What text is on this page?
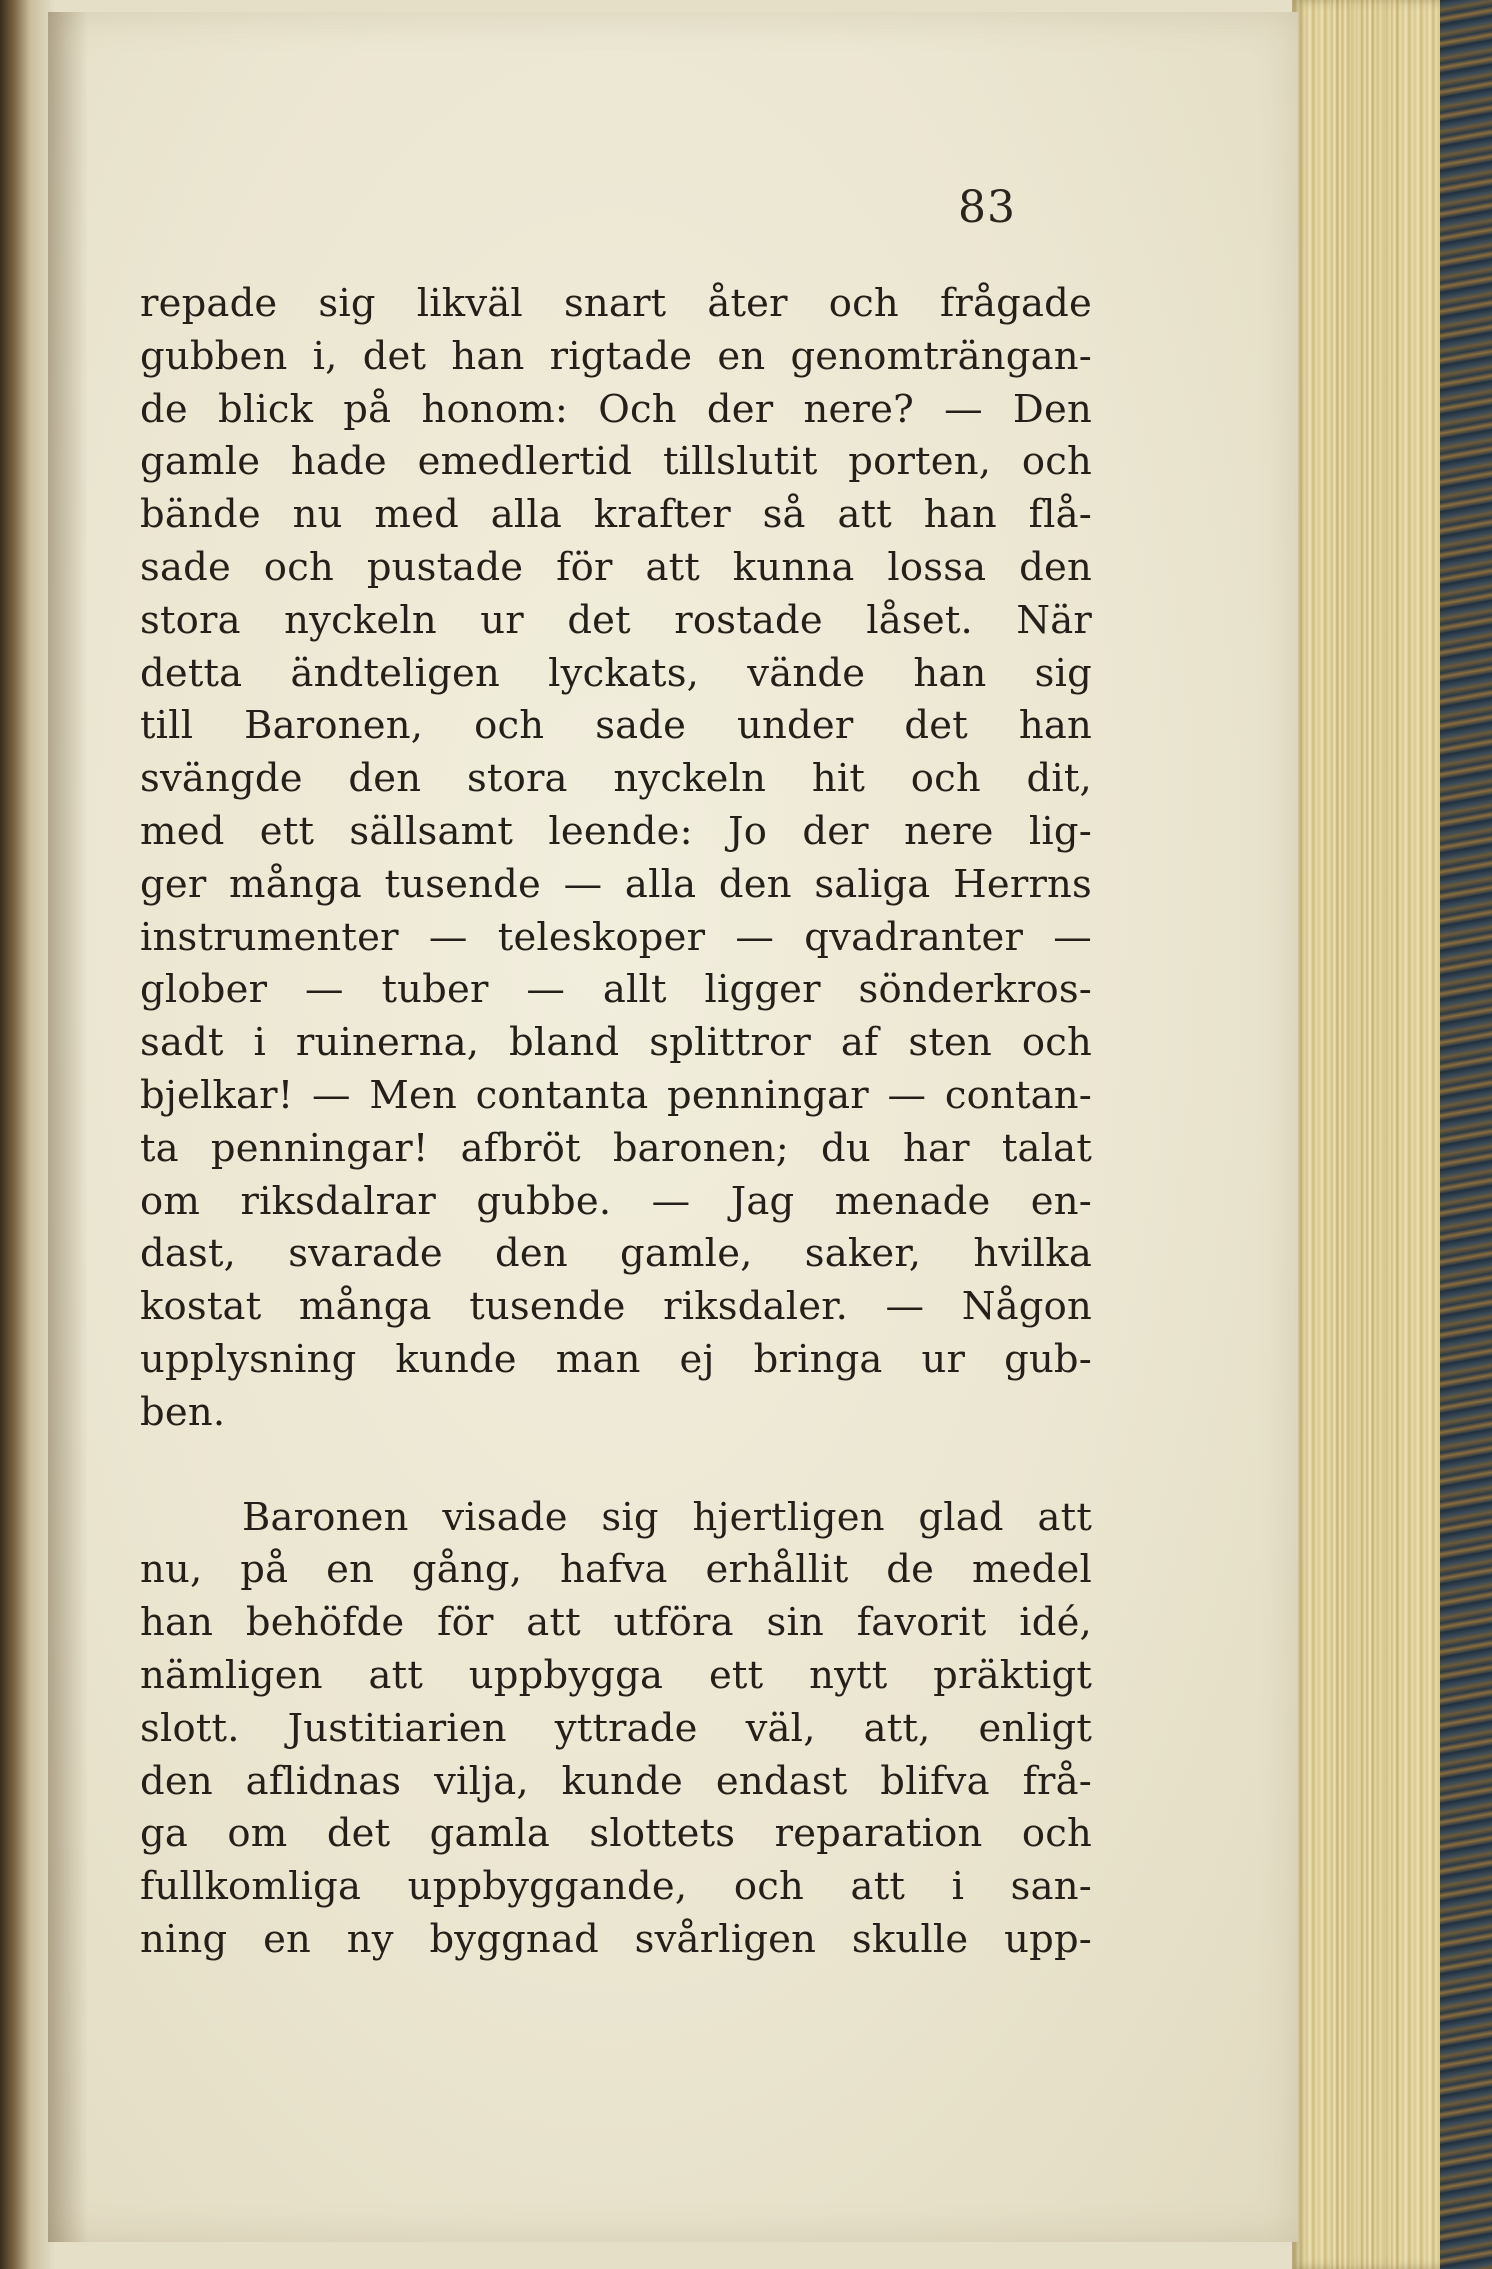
83
repade sig likväl snart åter och frågade
gubben i, det han rigtade en genomträngan-
de blick på honom: Och der nere? — Den
gamle hade emedlertid tillslutit porten, och
bände nu med alla krafter så att han flå-
sade och pustade för att kunna lossa den
stora nyckeln ur det rostade låset. När
detta ändteligen lyckats, vände han sig
till Baronen, och sade under det han
svängde den stora nyckeln hit och dit,
med ett sällsamt leende: Jo der nere lig-
ger många tusende — alla den saliga Herrns
instrumenter — teleskoper — qvadranter —
glober — tuber — allt ligger sönderkros-
sadt i ruinerna, bland splittror af sten och
bjelkar! — Men contanta penningar — contan-
ta penningar! afbröt baronen; du har talat
om riksdalrar gubbe. — Jag menade en-
dast, svarade den gamle, saker, hvilka
kostat många tusende riksdaler. — Någon
upplysning kunde man ej bringa ur gub-
ben.
Baronen visade sig hjertligen glad att
nu, på en gång, hafva erhållit de medel
han behöfde för att utföra sin favorit idé,
nämligen att uppbygga ett nytt präktigt
slott. Justitiarien yttrade väl, att, enligt
den aflidnas vilja, kunde endast blifva frå-
ga om det gamla slottets reparation och
fullkomliga uppbyggande, och att i san-
ning en ny byggnad svårligen skulle upp-
